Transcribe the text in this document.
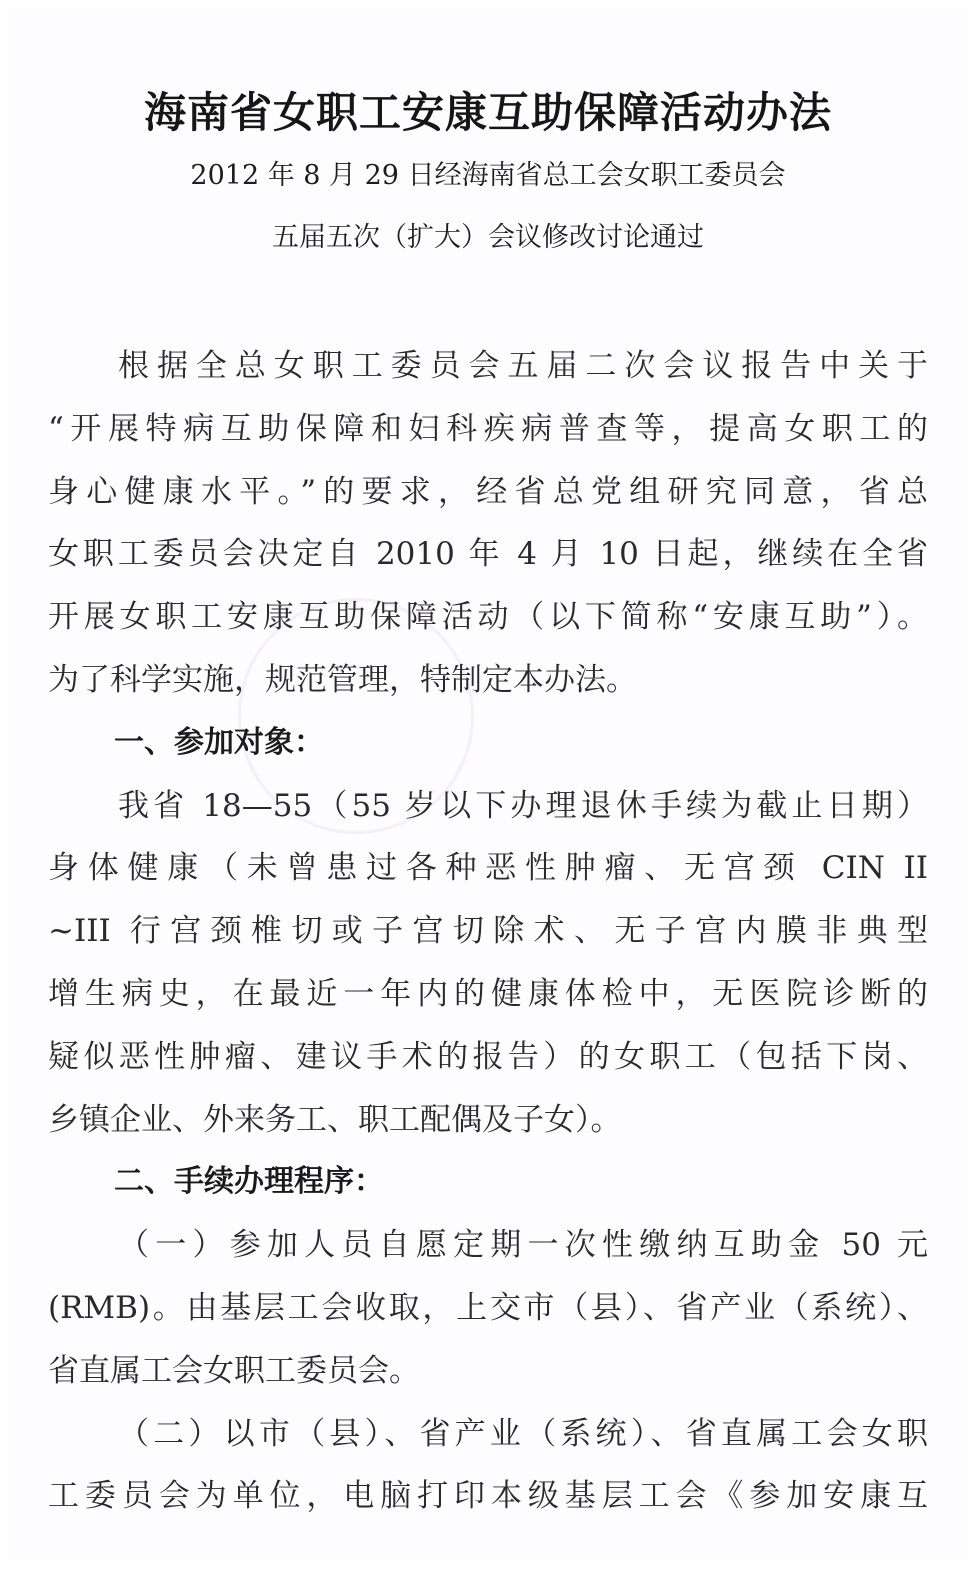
海南省女职工安康互助保障活动办法

2012 年 8 月 29 日经海南省总工会女职工委员会

五届五次（扩大）会议修改讨论通过

根据全总女职工委员会五届二次会议报告中关于
“开展特病互助保障和妇科疾病普查等，提高女职工的
身心健康水平。”的要求，经省总党组研究同意，省总
女职工委员会决定自 2010 年 4 月 10 日起，继续在全省
开展女职工安康互助保障活动（以下简称“安康互助”）。
为了科学实施，规范管理，特制定本办法。
一、参加对象：
我省 18—55（55 岁以下办理退休手续为截止日期）
身体健康（未曾患过各种恶性肿瘤、无宫颈 CIN II
~III 行宫颈椎切或子宫切除术、无子宫内膜非典型
增生病史，在最近一年内的健康体检中，无医院诊断的
疑似恶性肿瘤、建议手术的报告）的女职工（包括下岗、
乡镇企业、外来务工、职工配偶及子女）。
二、手续办理程序：
（一）参加人员自愿定期一次性缴纳互助金 50 元
(RMB)。由基层工会收取，上交市（县）、省产业（系统）、
省直属工会女职工委员会。
（二）以市（县）、省产业（系统）、省直属工会女职
工委员会为单位，电脑打印本级基层工会《参加安康互
